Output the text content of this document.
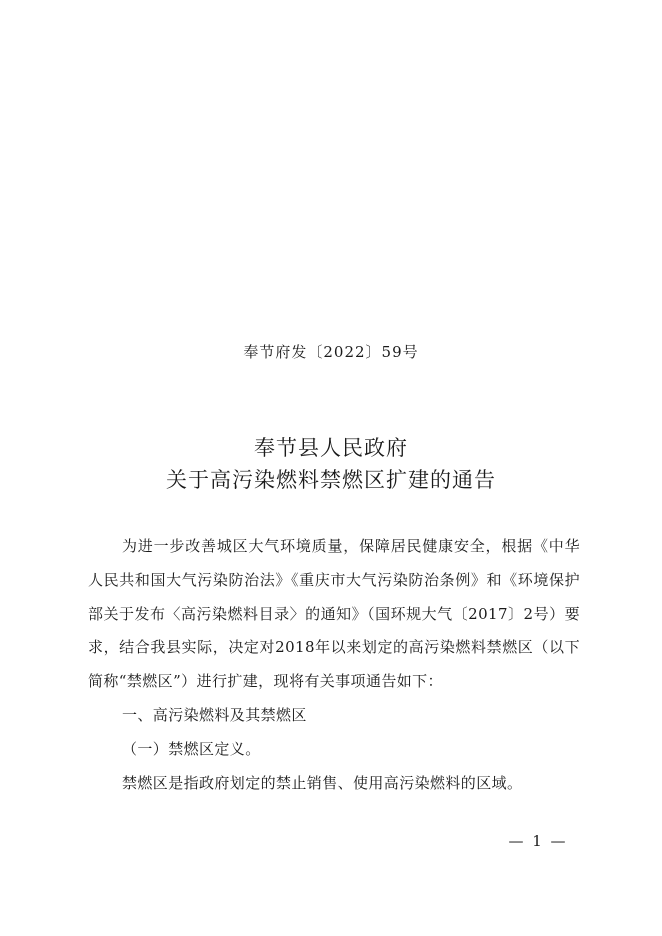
奉节府发〔2022〕59号
奉节县人民政府
关于高污染燃料禁燃区扩建的通告

为进一步改善城区大气环境质量，保障居民健康安全，根据《中华人民共和国大气污染防治法》《重庆市大气污染防治条例》和《环境保护部关于发布〈高污染燃料目录〉的通知》（国环规大气〔2017〕2号）要求，结合我县实际，决定对2018年以来划定的高污染燃料禁燃区（以下简称“禁燃区”）进行扩建，现将有关事项通告如下：

一、高污染燃料及其禁燃区

（一）禁燃区定义。

禁燃区是指政府划定的禁止销售、使用高污染燃料的区域。

— 1 —
